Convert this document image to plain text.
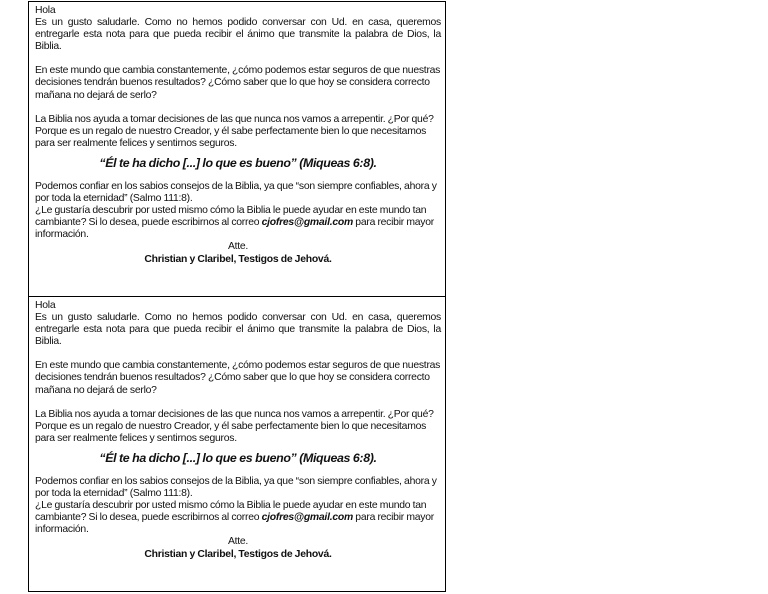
Hola

Es un gusto saludarle. Como no hemos podido conversar con Ud. en casa, queremos entregarle esta nota para que pueda recibir el ánimo que transmite la palabra de Dios, la Biblia.

En este mundo que cambia constantemente, ¿cómo podemos estar seguros de que nuestras decisiones tendrán buenos resultados? ¿Cómo saber que lo que hoy se considera correcto mañana no dejará de serlo?

La Biblia nos ayuda a tomar decisiones de las que nunca nos vamos a arrepentir. ¿Por qué? Porque es un regalo de nuestro Creador, y él sabe perfectamente bien lo que necesitamos para ser realmente felices y sentirnos seguros.

“Él te ha dicho [...] lo que es bueno” (Miqueas 6:8).

Podemos confiar en los sabios consejos de la Biblia, ya que “son siempre confiables, ahora y por toda la eternidad” (Salmo 111:8).

¿Le gustaría descubrir por usted mismo cómo la Biblia le puede ayudar en este mundo tan cambiante? Si lo desea, puede escribirnos al correo cjofres@gmail.com para recibir mayor información.

Atte.

Christian y Claribel, Testigos de Jehová.

Hola

Es un gusto saludarle. Como no hemos podido conversar con Ud. en casa, queremos entregarle esta nota para que pueda recibir el ánimo que transmite la palabra de Dios, la Biblia.

En este mundo que cambia constantemente, ¿cómo podemos estar seguros de que nuestras decisiones tendrán buenos resultados? ¿Cómo saber que lo que hoy se considera correcto mañana no dejará de serlo?

La Biblia nos ayuda a tomar decisiones de las que nunca nos vamos a arrepentir. ¿Por qué? Porque es un regalo de nuestro Creador, y él sabe perfectamente bien lo que necesitamos para ser realmente felices y sentirnos seguros.

“Él te ha dicho [...] lo que es bueno” (Miqueas 6:8).

Podemos confiar en los sabios consejos de la Biblia, ya que “son siempre confiables, ahora y por toda la eternidad” (Salmo 111:8).

¿Le gustaría descubrir por usted mismo cómo la Biblia le puede ayudar en este mundo tan cambiante? Si lo desea, puede escribirnos al correo cjofres@gmail.com para recibir mayor información.

Atte.

Christian y Claribel, Testigos de Jehová.
